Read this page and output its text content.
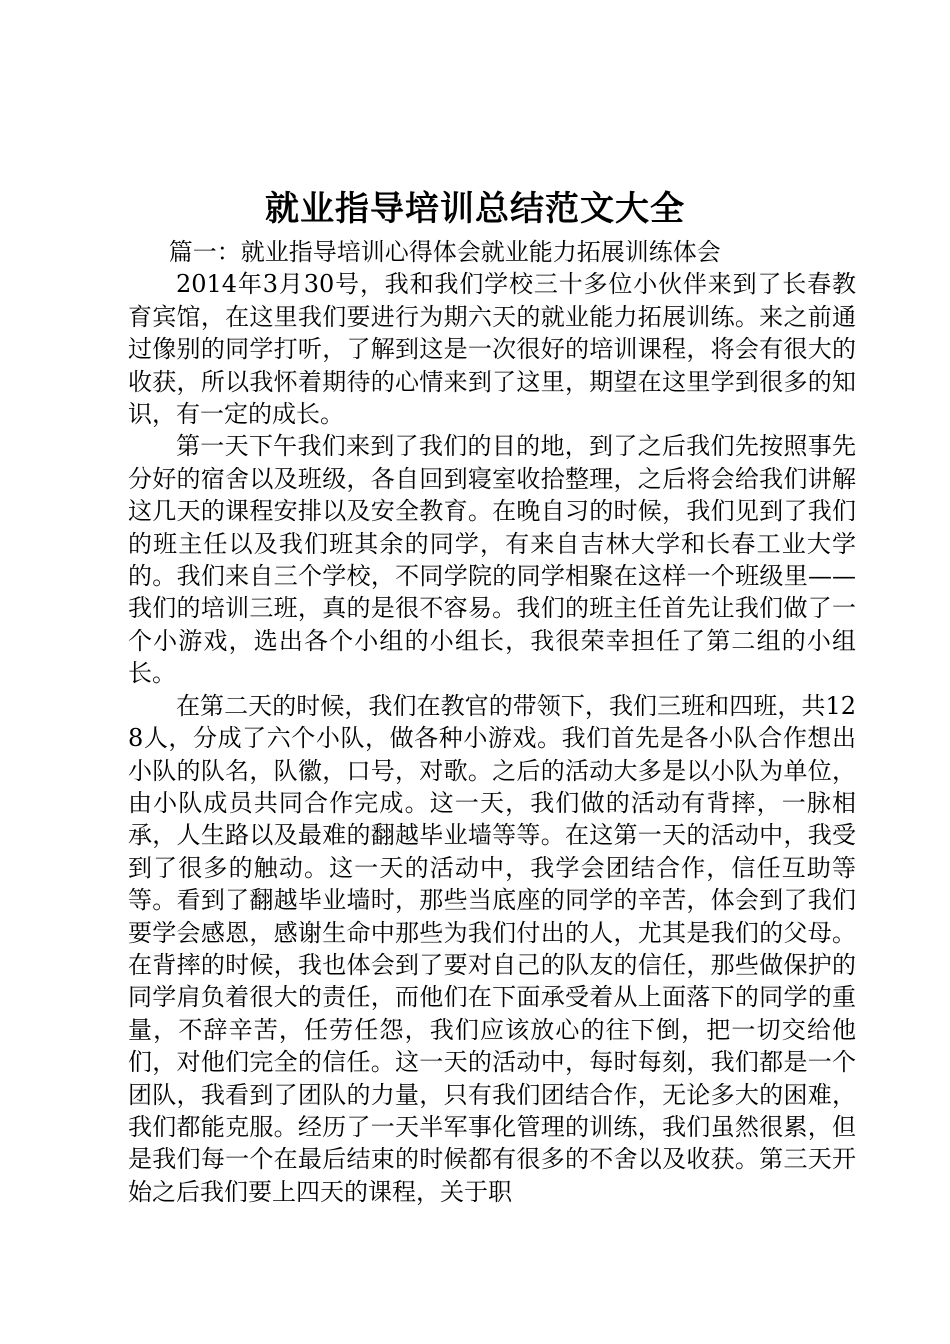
就业指导培训总结范文大全

篇一：就业指导培训心得体会就业能力拓展训练体会

2014年3月30号，我和我们学校三十多位小伙伴来到了长春教育宾馆，在这里我们要进行为期六天的就业能力拓展训练。来之前通过像别的同学打听，了解到这是一次很好的培训课程，将会有很大的收获，所以我怀着期待的心情来到了这里，期望在这里学到很多的知识，有一定的成长。

第一天下午我们来到了我们的目的地，到了之后我们先按照事先分好的宿舍以及班级，各自回到寝室收拾整理，之后将会给我们讲解这几天的课程安排以及安全教育。在晚自习的时候，我们见到了我们的班主任以及我们班其余的同学，有来自吉林大学和长春工业大学的。我们来自三个学校，不同学院的同学相聚在这样一个班级里——我们的培训三班，真的是很不容易。我们的班主任首先让我们做了一个小游戏，选出各个小组的小组长，我很荣幸担任了第二组的小组长。

在第二天的时候，我们在教官的带领下，我们三班和四班，共128人，分成了六个小队，做各种小游戏。我们首先是各小队合作想出小队的队名，队徽，口号，对歌。之后的活动大多是以小队为单位，由小队成员共同合作完成。这一天，我们做的活动有背摔，一脉相承，人生路以及最难的翻越毕业墙等等。在这第一天的活动中，我受到了很多的触动。这一天的活动中，我学会团结合作，信任互助等等。看到了翻越毕业墙时，那些当底座的同学的辛苦，体会到了我们要学会感恩，感谢生命中那些为我们付出的人，尤其是我们的父母。在背摔的时候，我也体会到了要对自己的队友的信任，那些做保护的同学肩负着很大的责任，而他们在下面承受着从上面落下的同学的重量，不辞辛苦，任劳任怨，我们应该放心的往下倒，把一切交给他们，对他们完全的信任。这一天的活动中，每时每刻，我们都是一个团队，我看到了团队的力量，只有我们团结合作，无论多大的困难，我们都能克服。经历了一天半军事化管理的训练，我们虽然很累，但是我们每一个在最后结束的时候都有很多的不舍以及收获。第三天开始之后我们要上四天的课程，关于职
